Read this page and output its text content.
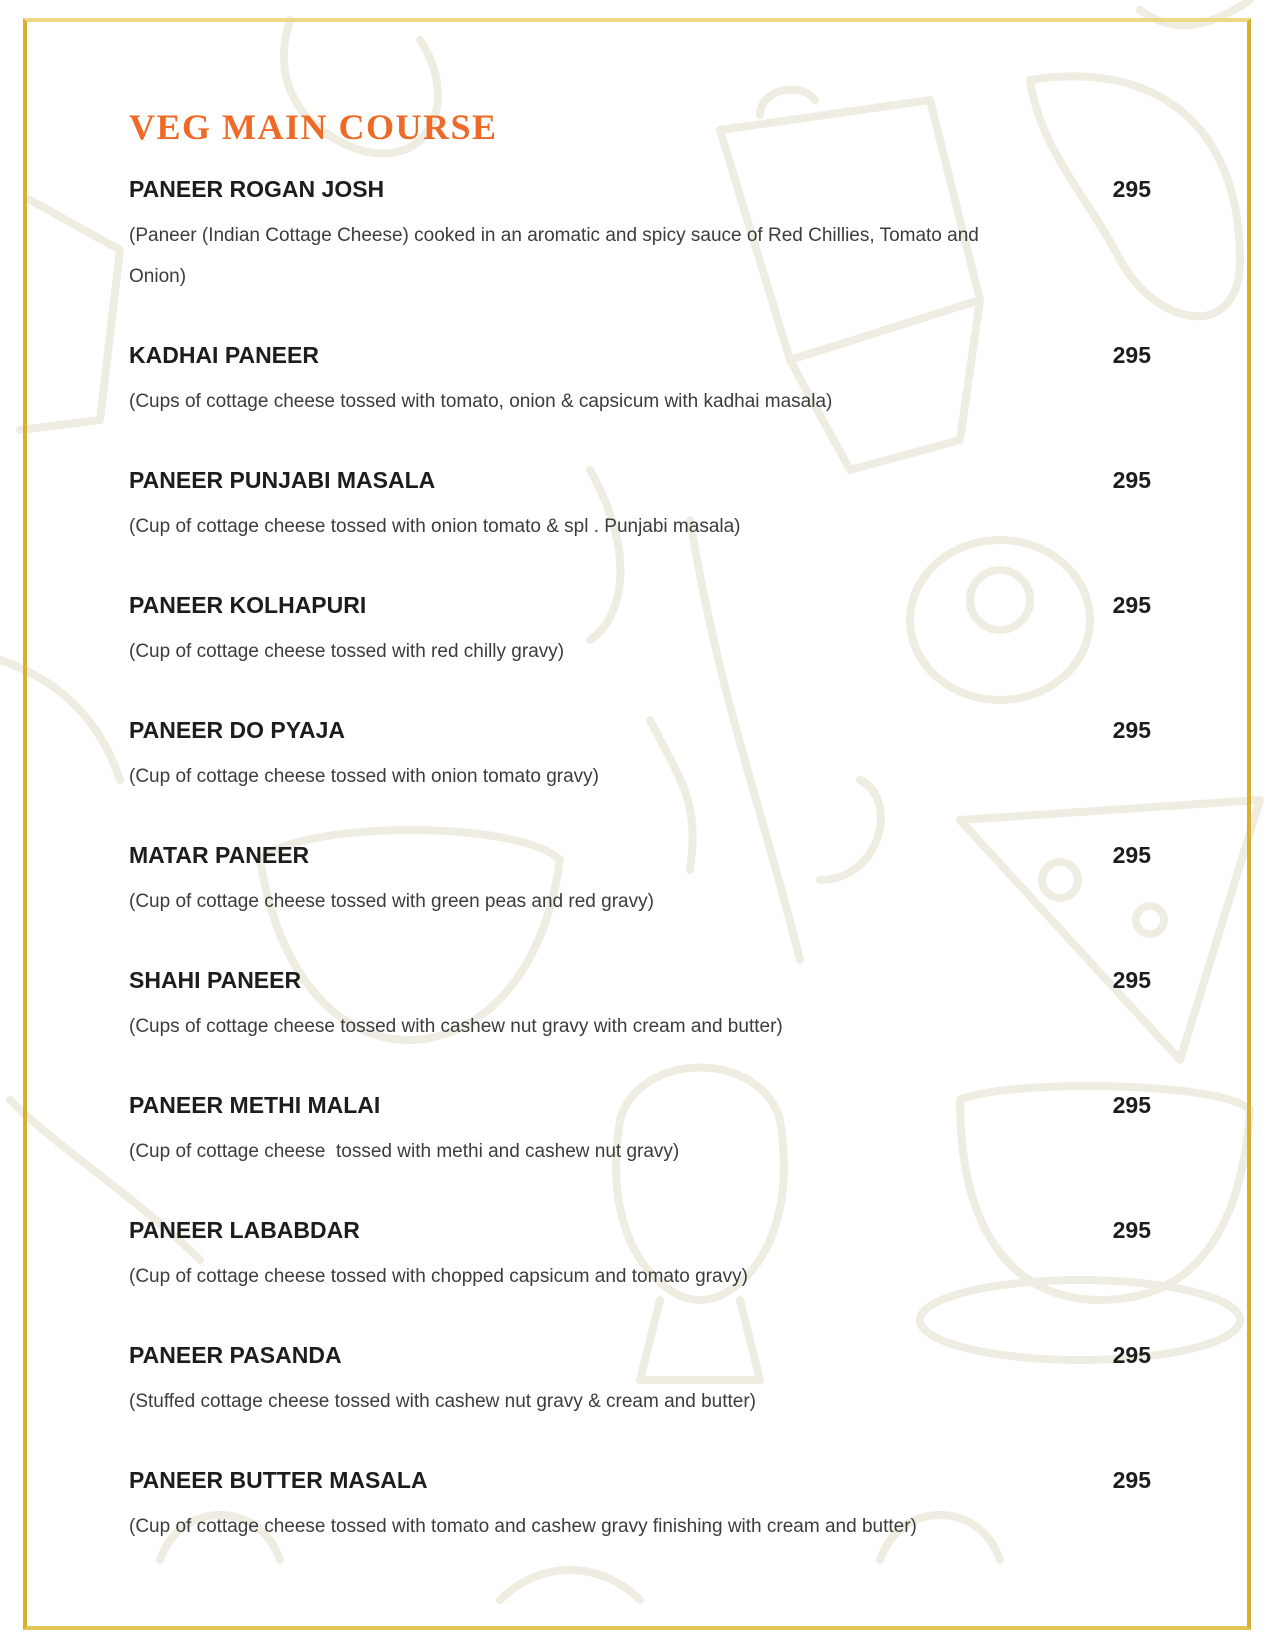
VEG MAIN COURSE
PANEER ROGAN JOSH	295
(Paneer (Indian Cottage Cheese) cooked in an aromatic and spicy sauce of Red Chillies, Tomato and Onion)
KADHAI PANEER	295
(Cups of cottage cheese tossed with tomato, onion & capsicum with kadhai masala)
PANEER PUNJABI MASALA	295
(Cup of cottage cheese tossed with onion tomato & spl . Punjabi masala)
PANEER KOLHAPURI	295
(Cup of cottage cheese tossed with red chilly gravy)
PANEER DO PYAJA	295
(Cup of cottage cheese tossed with onion tomato gravy)
MATAR PANEER	295
(Cup of cottage cheese tossed with green peas and red gravy)
SHAHI PANEER	295
(Cups of cottage cheese tossed with cashew nut gravy with cream and butter)
PANEER METHI MALAI	295
(Cup of cottage cheese  tossed with methi and cashew nut gravy)
PANEER LABABDAR	295
(Cup of cottage cheese tossed with chopped capsicum and tomato gravy)
PANEER PASANDA	295
(Stuffed cottage cheese tossed with cashew nut gravy & cream and butter)
PANEER BUTTER MASALA	295
(Cup of cottage cheese tossed with tomato and cashew gravy finishing with cream and butter)
